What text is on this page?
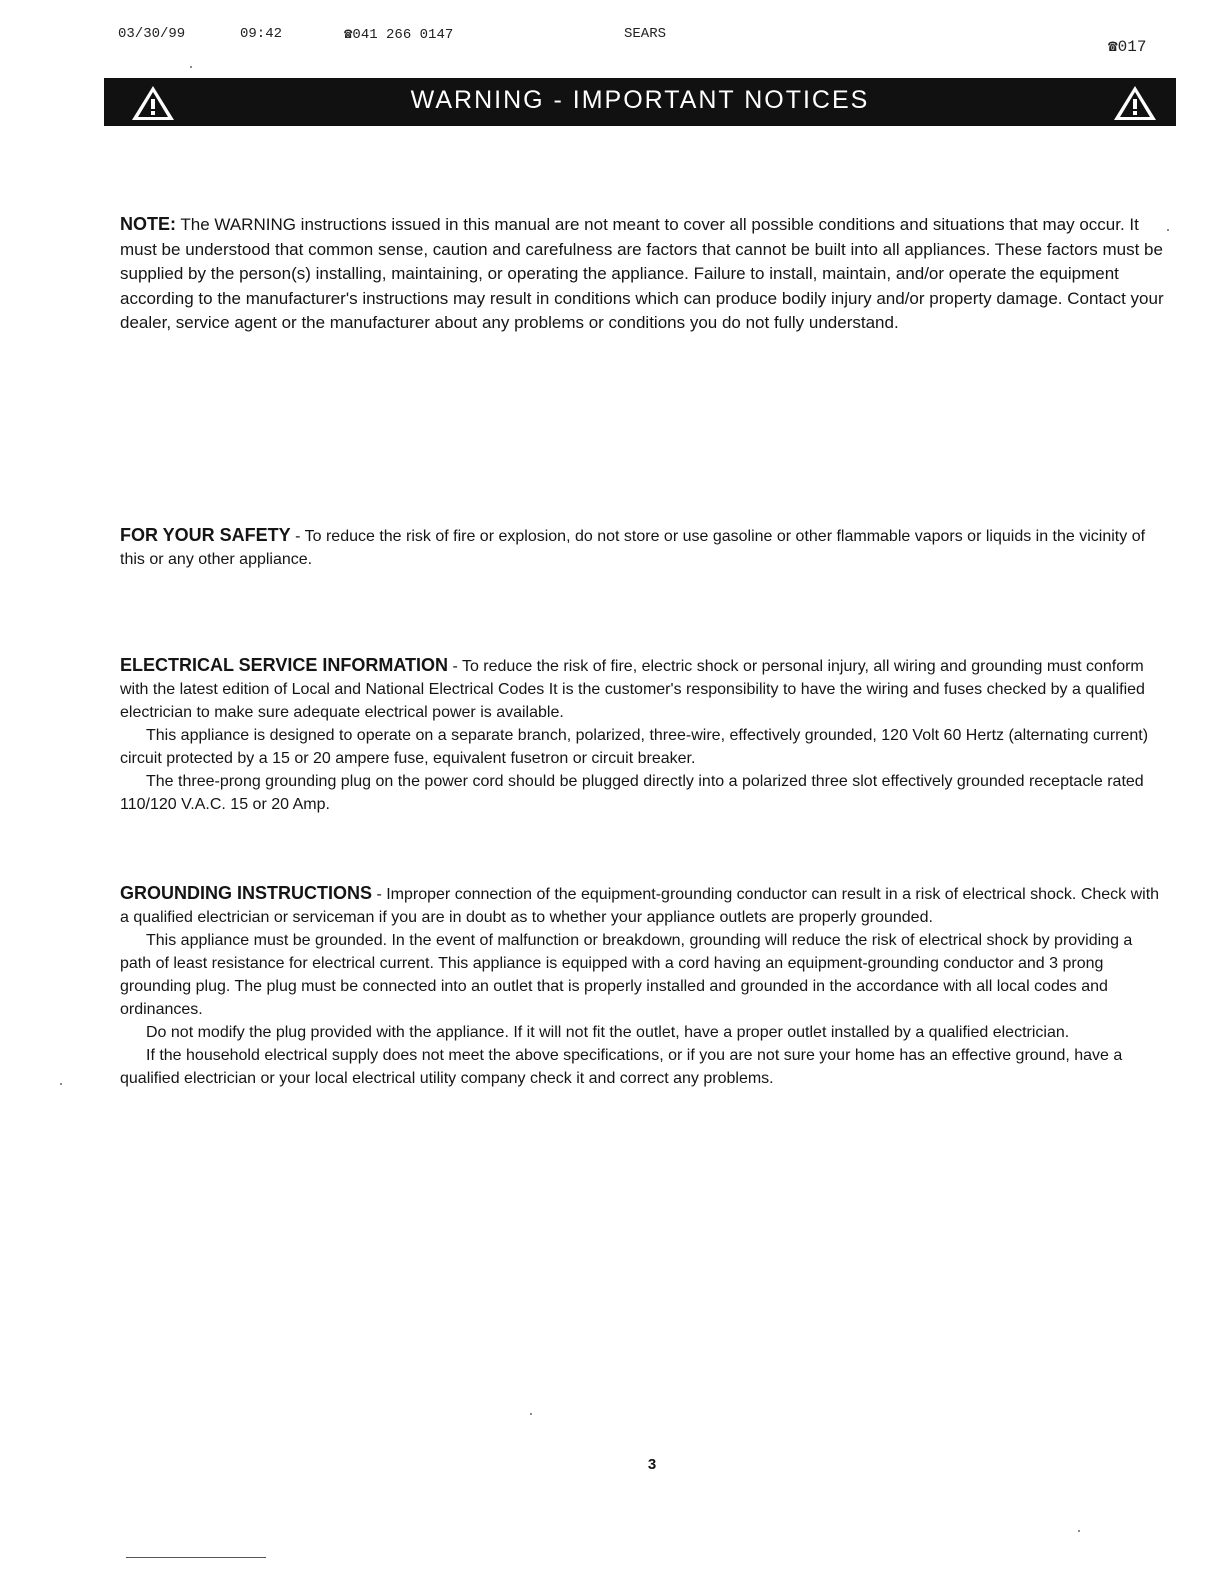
03/30/99	09:42	☎041 266 0147	SEARS
☎017
WARNING - IMPORTANT NOTICES

NOTE: The WARNING instructions issued in this manual are not meant to cover all possible conditions and situations that may occur. It must be understood that common sense, caution and carefulness are factors that cannot be built into all appliances. These factors must be supplied by the person(s) installing, maintaining, or operating the appliance. Failure to install, maintain, and/or operate the equipment according to the manufacturer's instructions may result in conditions which can produce bodily injury and/or property damage. Contact your dealer, service agent or the manufacturer about any problems or conditions you do not fully understand.

FOR YOUR SAFETY - To reduce the risk of fire or explosion, do not store or use gasoline or other flammable vapors or liquids in the vicinity of this or any other appliance.

ELECTRICAL SERVICE INFORMATION - To reduce the risk of fire, electric shock or personal injury, all wiring and grounding must conform with the latest edition of Local and National Electrical Codes It is the customer's responsibility to have the wiring and fuses checked by a qualified electrician to make sure adequate electrical power is available.

This appliance is designed to operate on a separate branch, polarized, three-wire, effectively grounded, 120 Volt 60 Hertz (alternating current) circuit protected by a 15 or 20 ampere fuse, equivalent fusetron or circuit breaker.

The three-prong grounding plug on the power cord should be plugged directly into a polarized three slot effectively grounded receptacle rated 110/120 V.A.C. 15 or 20 Amp.

GROUNDING INSTRUCTIONS - Improper connection of the equipment-grounding conductor can result in a risk of electrical shock. Check with a qualified electrician or serviceman if you are in doubt as to whether your appliance outlets are properly grounded.

This appliance must be grounded. In the event of malfunction or breakdown, grounding will reduce the risk of electrical shock by providing a path of least resistance for electrical current. This appliance is equipped with a cord having an equipment-grounding conductor and 3 prong grounding plug. The plug must be connected into an outlet that is properly installed and grounded in the accordance with all local codes and ordinances.

Do not modify the plug provided with the appliance. If it will not fit the outlet, have a proper outlet installed by a qualified electrician.

If the household electrical supply does not meet the above specifications, or if you are not sure your home has an effective ground, have a qualified electrician or your local electrical utility company check it and correct any problems.

3
